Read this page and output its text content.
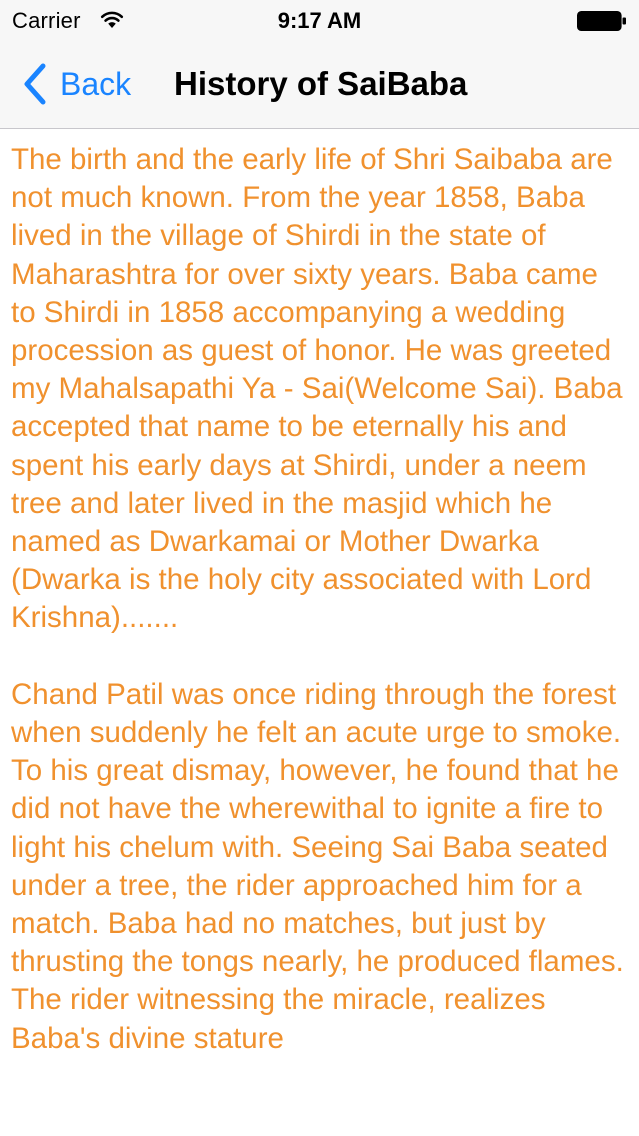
Carrier	9:17 AM
Back History of SaiBaba

The birth and the early life of Shri Saibaba are not much known. From the year 1858, Baba lived in the village of Shirdi in the state of Maharashtra for over sixty years. Baba came to Shirdi in 1858 accompanying a wedding procession as guest of honor. He was greeted my Mahalsapathi Ya - Sai(Welcome Sai). Baba accepted that name to be eternally his and spent his early days at Shirdi, under a neem tree and later lived in the masjid which he named as Dwarkamai or Mother Dwarka (Dwarka is the holy city associated with Lord Krishna).......

Chand Patil was once riding through the forest when suddenly he felt an acute urge to smoke. To his great dismay, however, he found that he did not have the wherewithal to ignite a fire to light his chelum with. Seeing Sai Baba seated under a tree, the rider approached him for a match. Baba had no matches, but just by thrusting the tongs nearly, he produced flames. The rider witnessing the miracle, realizes Baba's divine stature
